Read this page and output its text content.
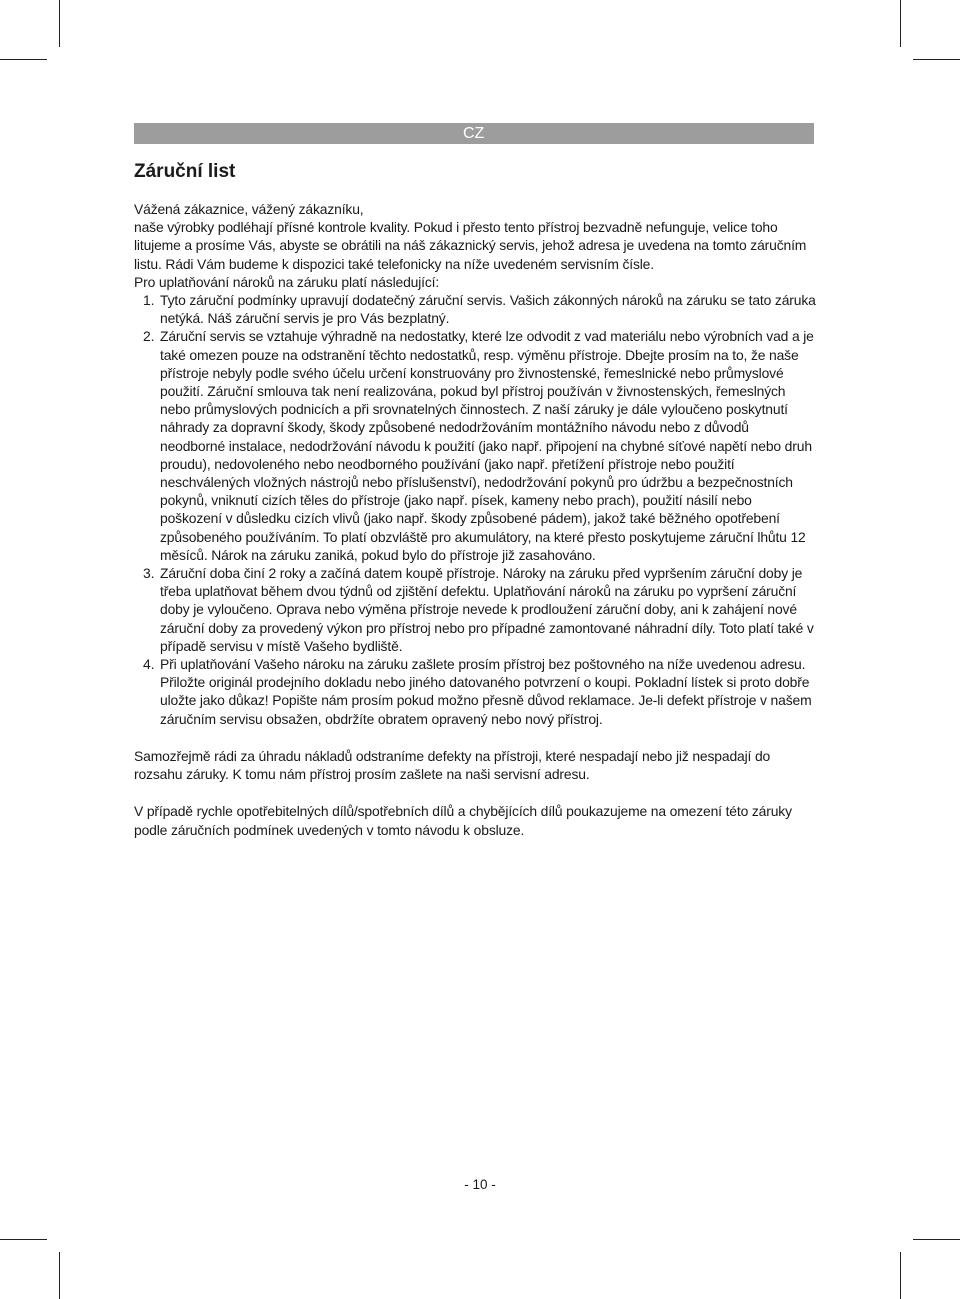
CZ
Záruční list

Vážená zákaznice, vážený zákazníku,

naše výrobky podléhají přísné kontrole kvality. Pokud i přesto tento přístroj bezvadně nefunguje, velice toho litujeme a prosíme Vás, abyste se obrátili na náš zákaznický servis, jehož adresa je uvedena na tomto záručním listu. Rádi Vám budeme k dispozici také telefonicky na níže uvedeném servisním čísle.

Pro uplatňování nároků na záruku platí následující:

1. Tyto záruční podmínky upravují dodatečný záruční servis. Vašich zákonných nároků na záruku se tato záruka netýká. Náš záruční servis je pro Vás bezplatný.
2. Záruční servis se vztahuje výhradně na nedostatky, které lze odvodit z vad materiálu nebo výrobních vad a je také omezen pouze na odstranění těchto nedostatků, resp. výměnu přístroje. Dbejte prosím na to, že naše přístroje nebyly podle svého účelu určení konstruovány pro živnostenské, řemeslnické nebo průmyslové použití. Záruční smlouva tak není realizována, pokud byl přístroj používán v živnostenských, řemeslných nebo průmyslových podnicích a při srovnatelných činnostech. Z naší záruky je dále vyloučeno poskytnutí náhrady za dopravní škody, škody způsobené nedodržováním montážního návodu nebo z důvodů neodborné instalace, nedodržování návodu k použití (jako např. připojení na chybné síťové napětí nebo druh proudu), nedovoleného nebo neodborného používání (jako např. přetížení přístroje nebo použití neschválených vložných nástrojů nebo příslušenství), nedodržování pokynů pro údržbu a bezpečnostních pokynů, vniknutí cizích těles do přístroje (jako např. písek, kameny nebo prach), použití násilí nebo poškození v důsledku cizích vlivů (jako např. škody způsobené pádem), jakož také běžného opotřebení způsobeného používáním. To platí obzvláště pro akumulátory, na které přesto poskytujeme záruční lhůtu 12 měsíců. Nárok na záruku zaniká, pokud bylo do přístroje již zasahováno.
3. Záruční doba činí 2 roky a začíná datem koupě přístroje. Nároky na záruku před vypršením záruční doby je třeba uplatňovat během dvou týdnů od zjištění defektu. Uplatňování nároků na záruku po vypršení záruční doby je vyloučeno. Oprava nebo výměna přístroje nevede k prodloužení záruční doby, ani k zahájení nové záruční doby za provedený výkon pro přístroj nebo pro případné zamontované náhradní díly. Toto platí také v případě servisu v místě Vašeho bydliště.
4. Při uplatňování Vašeho nároku na záruku zašlete prosím přístroj bez poštovného na níže uvedenou adresu. Přiložte originál prodejního dokladu nebo jiného datovaného potvrzení o koupi. Pokladní lístek si proto dobře uložte jako důkaz! Popište nám prosím pokud možno přesně důvod reklamace. Je-li defekt přístroje v našem záručním servisu obsažen, obdržíte obratem opravený nebo nový přístroj.

Samozřejmě rádi za úhradu nákladů odstraníme defekty na přístroji, které nespadají nebo již nespadají do rozsahu záruky. K tomu nám přístroj prosím zašlete na naši servisní adresu.

V případě rychle opotřebitelných dílů/spotřebních dílů a chybějících dílů poukazujeme na omezení této záruky podle záručních podmínek uvedených v tomto návodu k obsluze.

- 10 -
